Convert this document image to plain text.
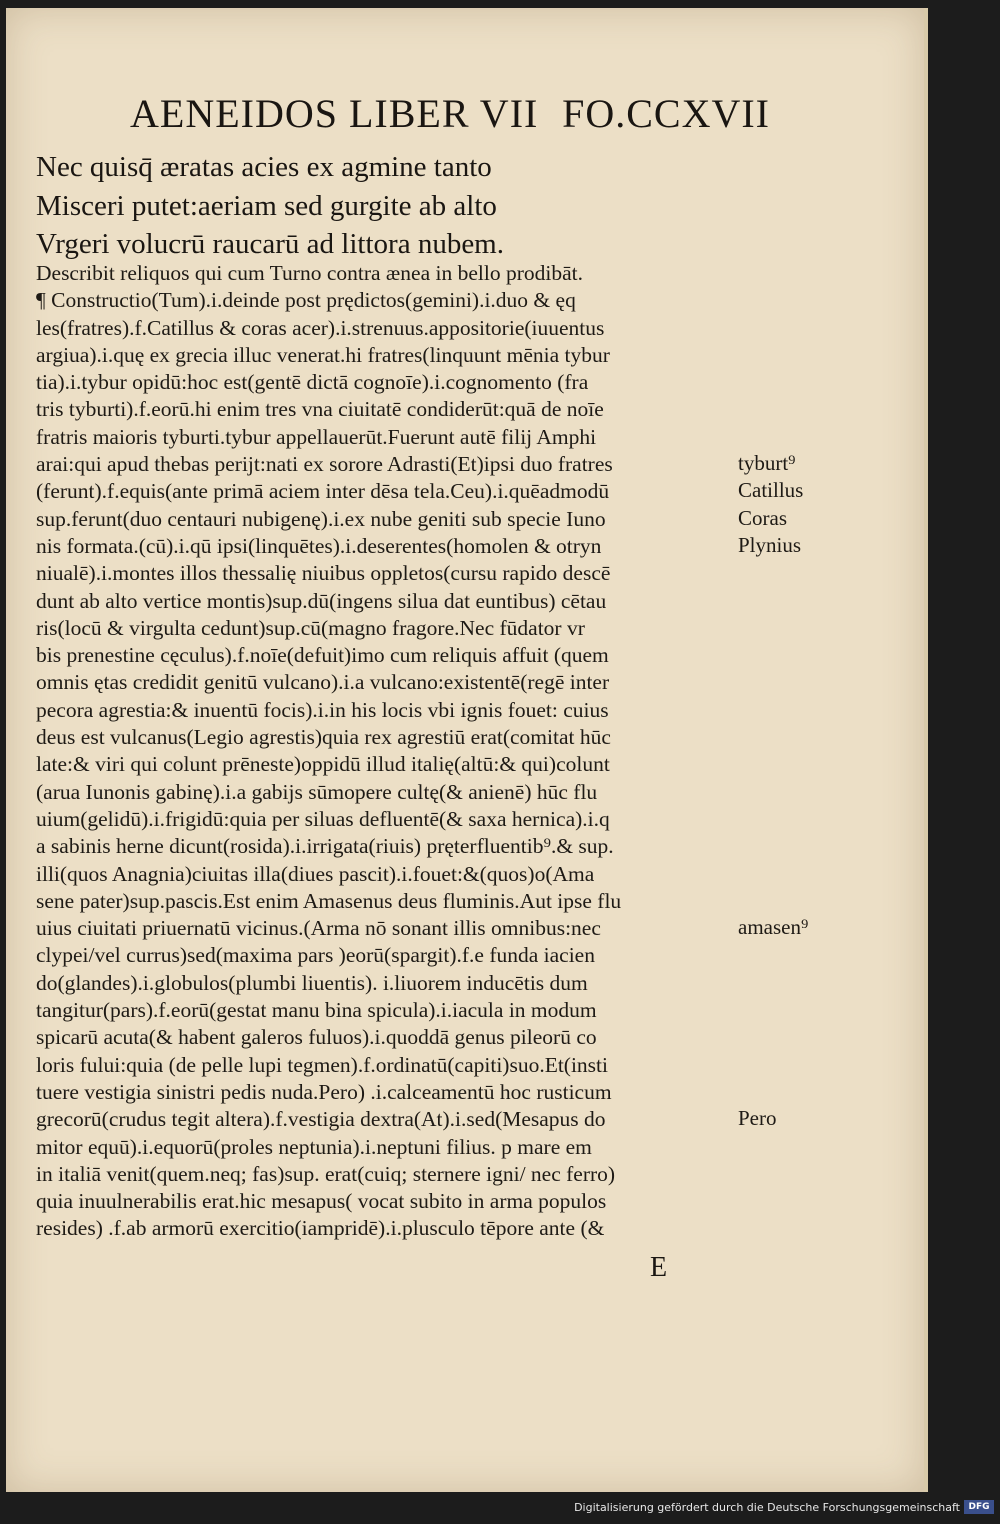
AENEIDOS LIBER VII FO.CCXVII
Nec quisq̄ æratas acies ex agmine tanto
Misceri putet:aeriam sed gurgite ab alto
Vrgeri volucrū raucarū ad littora nubem.
Describit reliquos qui cum Turno contra ænea in bello prodibāt.
¶ Constructio(Tum).i.deinde post prędictos(gemini).i.duo & ęq
les(fratres).f.Catillus & coras acer).i.strenuus.appositorie(iuuentus
argiua).i.quę ex grecia illuc venerat.hi fratres(linquunt mēnia tybur
tia).i.tybur opidū:hoc est(gentē dictā cognoīe).i.cognomento (fra
tris tyburti).f.eorū.hi enim tres vna ciuitatē condiderūt:quā de noīe
fratris maioris tyburti.tybur appellauerūt.Fuerunt autē filij Amphi
arai:qui apud thebas perijt:nati ex sorore Adrasti(Et)ipsi duo fratres
(ferunt).f.equis(ante primā aciem inter dēsa tela.Ceu).i.quēadmodū
sup.ferunt(duo centauri nubigenę).i.ex nube geniti sub specie Iuno
nis formata.(cū).i.qū ipsi(linquētes).i.deserentes(homolen & otryn
niualē).i.montes illos thessalię niuibus oppletos(cursu rapido descē
dunt ab alto vertice montis)sup.dū(ingens silua dat euntibus) cētau
ris(locū & virgulta cedunt)sup.cū(magno fragore.Nec fūdator vr
bis prenestine cęculus).f.noīe(defuit)imo cum reliquis affuit (quem
omnis ętas credidit genitū vulcano).i.a vulcano:existentē(regē inter
pecora agrestia:& inuentū focis).i.in his locis vbi ignis fouet: cuius
deus est vulcanus(Legio agrestis)quia rex agrestiū erat(comitat hūc
late:& viri qui colunt prēneste)oppidū illud italię(altū:& qui)colunt
(arua Iunonis gabinę).i.a gabijs sūmopere cultę(& anienē) hūc flu
uium(gelidū).i.frigidū:quia per siluas defluentē(& saxa hernica).i.q
a sabinis herne dicunt(rosida).i.irrigata(riuis) pręterfluentib⁹.& sup.
illi(quos Anagnia)ciuitas illa(diues pascit).i.fouet:&(quos)o(Ama
sene pater)sup.pascis.Est enim Amasenus deus fluminis.Aut ipse flu
uius ciuitati priuernatū vicinus.(Arma nō sonant illis omnibus:nec
clypei/vel currus)sed(maxima pars )eorū(spargit).f.e funda iacien
do(glandes).i.globulos(plumbi liuentis). i.liuorem inducētis dum
tangitur(pars).f.eorū(gestat manu bina spicula).i.iacula in modum
spicarū acuta(& habent galeros fuluos).i.quoddā genus pileorū co
loris fului:quia (de pelle lupi tegmen).f.ordinatū(capiti)suo.Et(insti
tuere vestigia sinistri pedis nuda.Pero) .i.calceamentū hoc rusticum
grecorū(crudus tegit altera).f.vestigia dextra(At).i.sed(Mesapus do
mitor equū).i.equorū(proles neptunia).i.neptuni filius. p mare em
in italiā venit(quem.neq; fas)sup. erat(cuiq; sternere igni/ nec ferro)
quia inuulnerabilis erat.hic mesapus( vocat subito in arma populos
resides) .f.ab armorū exercitio(iampridē).i.plusculo tēpore ante (&
tyburt⁹
Catillus
Coras
Plynius
amasen⁹
Pero
E
Digitalisierung gefördert durch die Deutsche Forschungsgemeinschaft DFG
